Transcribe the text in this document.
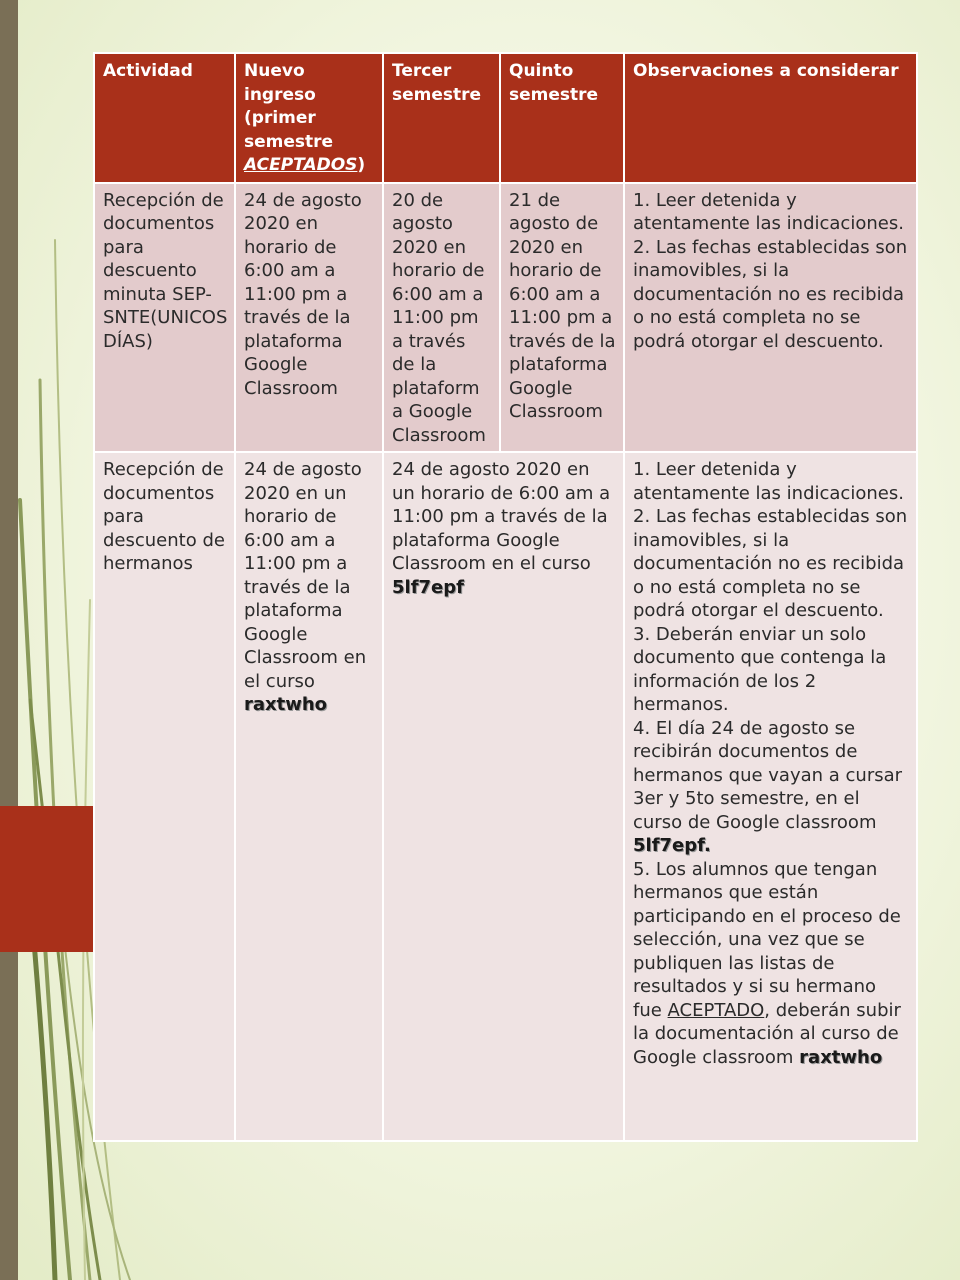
Actividad	Nuevo ingreso (primer semestre ACEPTADOS)	Tercer semestre	Quinto semestre	Observaciones a considerar
Recepción de documentos para descuento minuta SEP-SNTE(UNICOS DÍAS)	24 de agosto 2020 en horario de 6:00 am a 11:00 pm a través de la plataforma Google Classroom	20 de agosto 2020 en horario de 6:00 am a 11:00 pm a través de la plataform a Google Classroom	21 de agosto de 2020 en horario de 6:00 am a 11:00 pm a través de la plataforma Google Classroom	1. Leer detenida y atentamente las indicaciones.

2. Las fechas establecidas son inamovibles, si la documentación no es recibida o no está completa no se podrá otorgar el descuento.

Recepción de documentos para descuento de hermanos	24 de agosto 2020 en un horario de 6:00 am a 11:00 pm a través de la plataforma Google Classroom en el curso raxtwho	24 de agosto 2020 en un horario de 6:00 am a 11:00 pm a través de la plataforma Google Classroom en el curso 5lf7epf		1. Leer detenida y atentamente las indicaciones.

2. Las fechas establecidas son inamovibles, si la documentación no es recibida o no está completa no se podrá otorgar el descuento.

3. Deberán enviar un solo documento que contenga la información de los 2 hermanos.

4. El día 24 de agosto se recibirán documentos de hermanos que vayan a cursar 3er y 5to semestre, en el curso de Google classroom 5lf7epf.

5. Los alumnos que tengan hermanos que están participando en el proceso de selección, una vez que se publiquen las listas de resultados y si su hermano fue ACEPTADO, deberán subir la documentación al curso de Google classroom raxtwho
